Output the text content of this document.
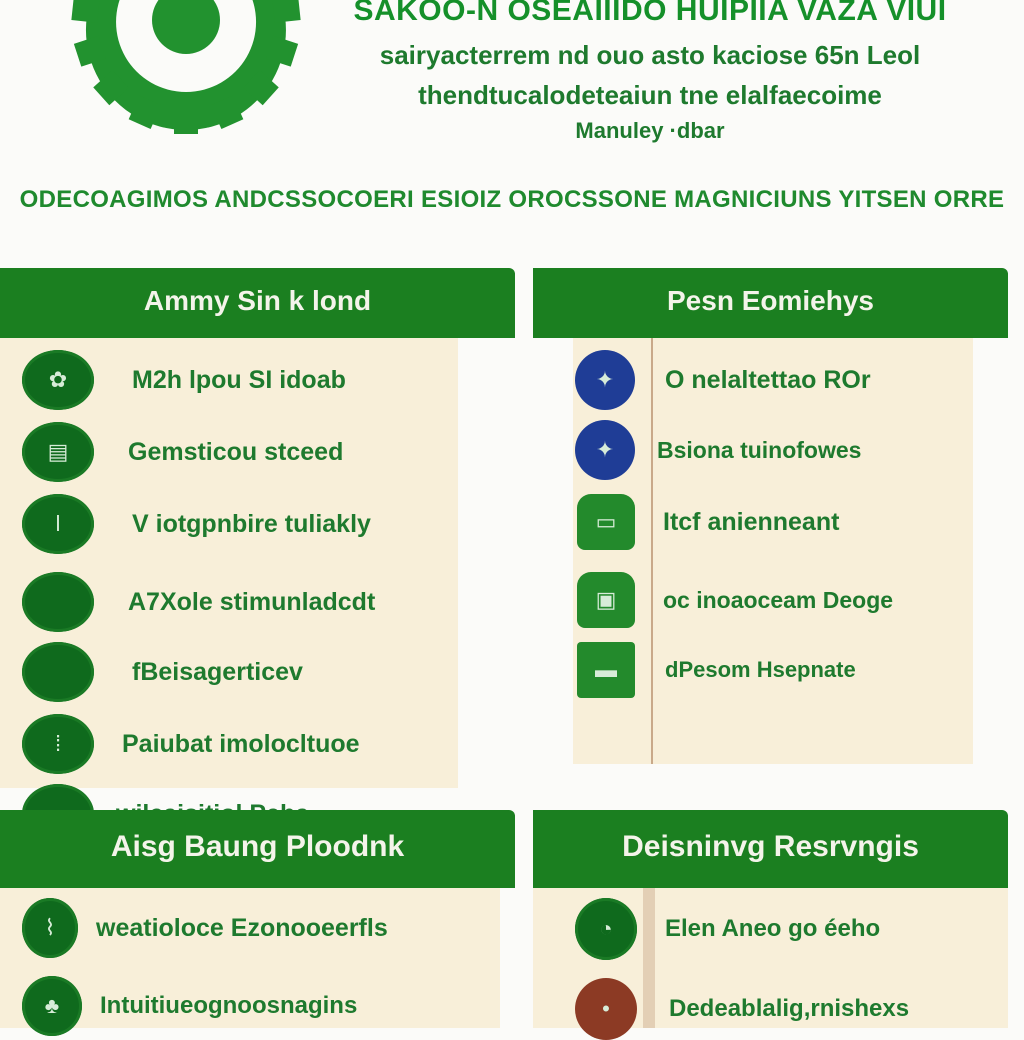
SAKOO-N OSEAIIIDO HUIPIIA VAZA VIUI
sairyacterrem nd ouo asto kaciose 65n Leol
thendtucalodeteaiun tne elalfaecoime
Manuley ·dbar
ODECOAGIMOS ANDCSSOCOERI ESIOIZ OROCSSONE MAGNICIUNS YITSEN ORRE
Ammy Sin k lond
✿	M2h lpou SI idoab
▤	Gemsticou stceed
ǀ	V iotgpnbire tuliakly
A7Xole stimunladcdt
fBeisagerticev
⁞	Paiubat imolocltuoe
Pesn Eomiehys
✦	O nelaltettao ROr
✦	Bsiona tuinofowes
▭	Itcf anienneant
▣	oc inoaoceam Deoge
▬	dPesom Hsepnate
Aisg Baung Ploodnk
⌇	weatioloce Ezonooeerfls
♣	Intuitiueognoosnagins
Deisninvg Resrvngis
◔	Elen Aneo go éeho
•	Dedeablalig,rnishexs
